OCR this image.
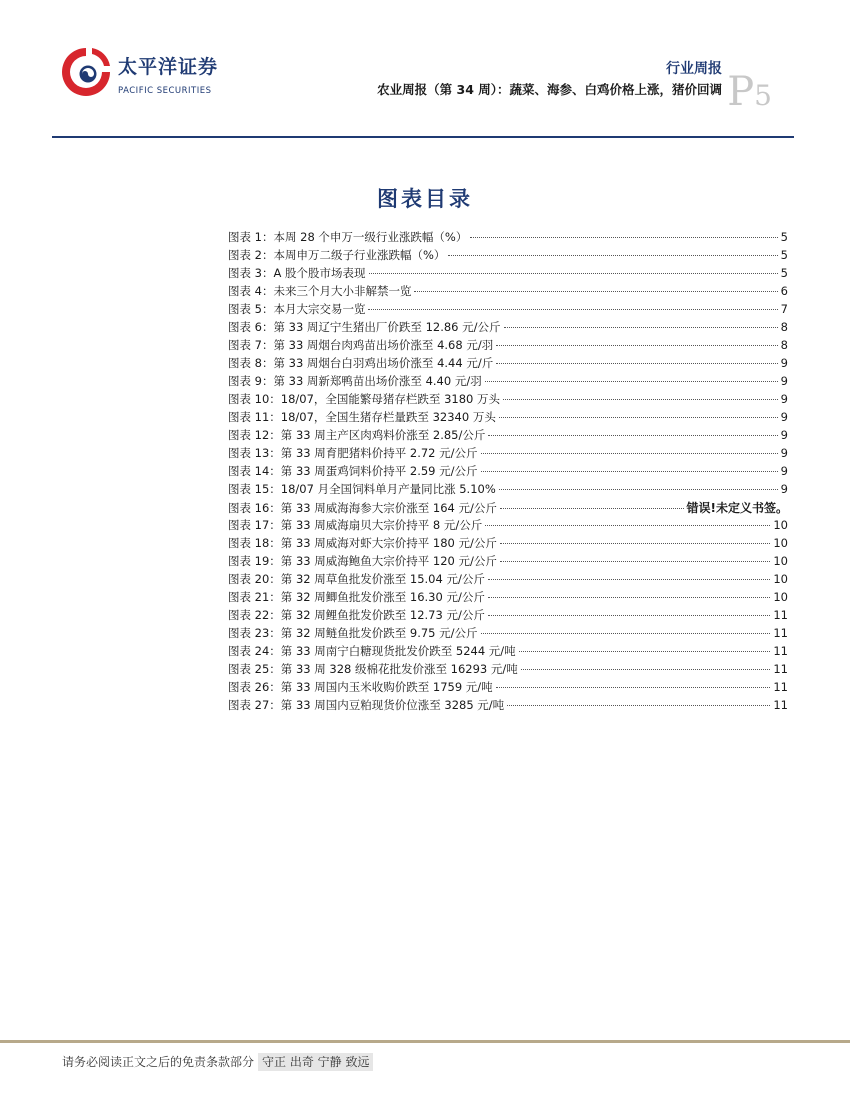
太平洋证券
PACIFIC SECURITIES
行业周报
农业周报（第 34 周）：蔬菜、海参、白鸡价格上涨，猪价回调 P5
图表目录
图表 1：本周 28 个申万一级行业涨跌幅（%）	5
图表 2：本周申万二级子行业涨跌幅（%）	5
图表 3：A 股个股市场表现	5
图表 4：未来三个月大小非解禁一览	6
图表 5：本月大宗交易一览	7
图表 6：第 33 周辽宁生猪出厂价跌至 12.86 元/公斤	8
图表 7：第 33 周烟台肉鸡苗出场价涨至 4.68 元/羽	8
图表 8：第 33 周烟台白羽鸡出场价涨至 4.44 元/斤	9
图表 9：第 33 周新郑鸭苗出场价涨至 4.40 元/羽	9
图表 10：18/07，全国能繁母猪存栏跌至 3180 万头	9
图表 11：18/07，全国生猪存栏量跌至 32340 万头	9
图表 12：第 33 周主产区肉鸡料价涨至 2.85/公斤	9
图表 13：第 33 周育肥猪料价持平 2.72 元/公斤	9
图表 14：第 33 周蛋鸡饲料价持平 2.59 元/公斤	9
图表 15：18/07 月全国饲料单月产量同比涨 5.10%	9
图表 16：第 33 周威海海参大宗价涨至 164 元/公斤	错误!未定义书签。
图表 17：第 33 周威海扇贝大宗价持平 8 元/公斤	10
图表 18：第 33 周威海对虾大宗价持平 180 元/公斤	10
图表 19：第 33 周威海鲍鱼大宗价持平 120 元/公斤	10
图表 20：第 32 周草鱼批发价涨至 15.04 元/公斤	10
图表 21：第 32 周鲫鱼批发价涨至 16.30 元/公斤	10
图表 22：第 32 周鲤鱼批发价跌至 12.73 元/公斤	11
图表 23：第 32 周鲢鱼批发价跌至 9.75 元/公斤	11
图表 24：第 33 周南宁白糖现货批发价跌至 5244 元/吨	11
图表 25：第 33 周 328 级棉花批发价涨至 16293 元/吨	11
图表 26：第 33 周国内玉米收购价跌至 1759 元/吨	11
图表 27：第 33 周国内豆粕现货价位涨至 3285 元/吨	11
请务必阅读正文之后的免责条款部分 守正 出奇 宁静 致远
